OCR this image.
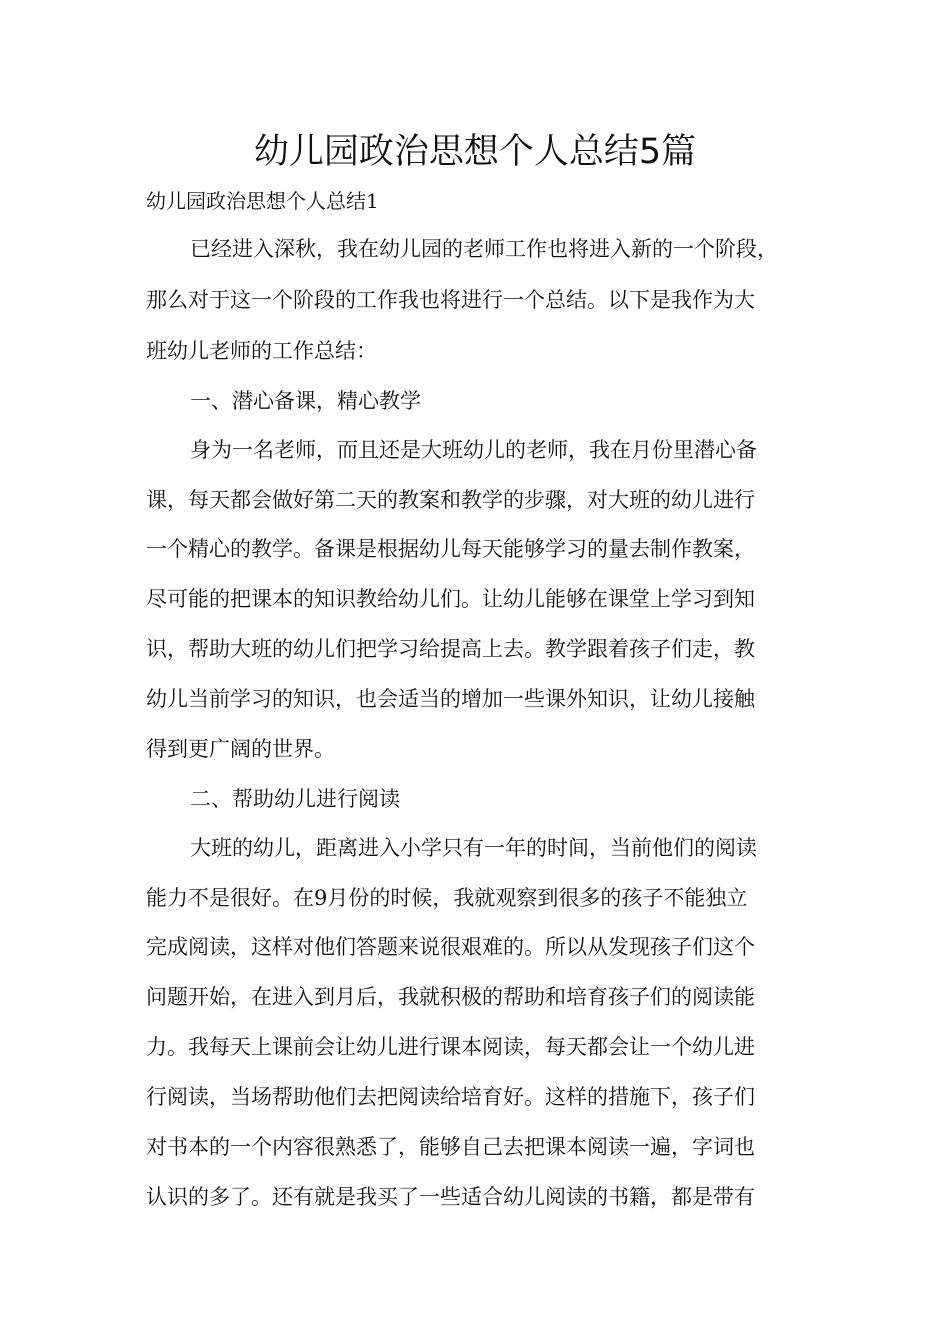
幼儿园政治思想个人总结5篇

幼儿园政治思想个人总结1

已经进入深秋，我在幼儿园的老师工作也将进入新的一个阶段，

那么对于这一个阶段的工作我也将进行一个总结。以下是我作为大

班幼儿老师的工作总结：

一、潜心备课，精心教学

身为一名老师，而且还是大班幼儿的老师，我在月份里潜心备

课，每天都会做好第二天的教案和教学的步骤，对大班的幼儿进行

一个精心的教学。备课是根据幼儿每天能够学习的量去制作教案，

尽可能的把课本的知识教给幼儿们。让幼儿能够在课堂上学习到知

识，帮助大班的幼儿们把学习给提高上去。教学跟着孩子们走，教

幼儿当前学习的知识，也会适当的增加一些课外知识，让幼儿接触

得到更广阔的世界。

二、帮助幼儿进行阅读

大班的幼儿，距离进入小学只有一年的时间，当前他们的阅读

能力不是很好。在9月份的时候，我就观察到很多的孩子不能独立

完成阅读，这样对他们答题来说很艰难的。所以从发现孩子们这个

问题开始，在进入到月后，我就积极的帮助和培育孩子们的阅读能

力。我每天上课前会让幼儿进行课本阅读，每天都会让一个幼儿进

行阅读，当场帮助他们去把阅读给培育好。这样的措施下，孩子们

对书本的一个内容很熟悉了，能够自己去把课本阅读一遍，字词也

认识的多了。还有就是我买了一些适合幼儿阅读的书籍，都是带有
